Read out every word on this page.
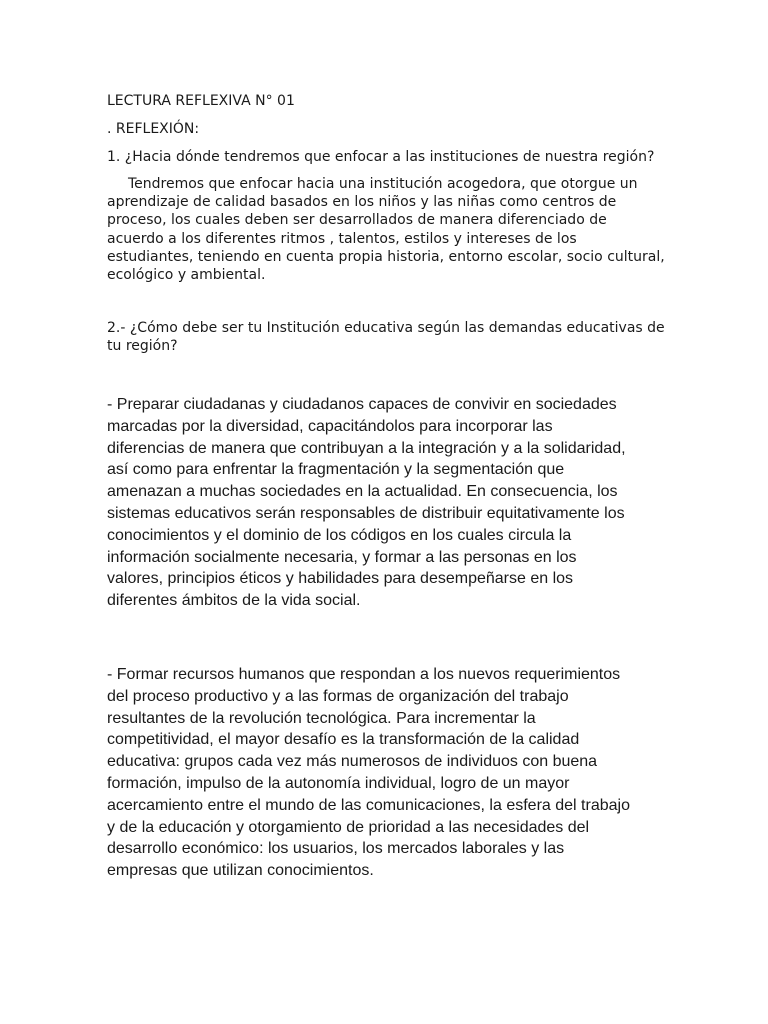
LECTURA REFLEXIVA N° 01
. REFLEXIÓN:
1. ¿Hacia dónde tendremos que enfocar a las instituciones de nuestra región?

Tendremos que enfocar hacia una institución acogedora, que otorgue un
aprendizaje de calidad basados en los niños y las niñas como centros de
proceso, los cuales deben ser desarrollados de manera diferenciado de
acuerdo a los diferentes ritmos , talentos, estilos y intereses de los
estudiantes, teniendo en cuenta propia historia, entorno escolar, socio cultural,
ecológico y ambiental.

2.- ¿Cómo debe ser tu Institución educativa según las demandas educativas de
tu región?

- Preparar ciudadanas y ciudadanos capaces de convivir en sociedades
marcadas por la diversidad, capacitándolos para incorporar las
diferencias de manera que contribuyan a la integración y a la solidaridad,
así como para enfrentar la fragmentación y la segmentación que
amenazan a muchas sociedades en la actualidad. En consecuencia, los
sistemas educativos serán responsables de distribuir equitativamente los
conocimientos y el dominio de los códigos en los cuales circula la
información socialmente necesaria, y formar a las personas en los
valores, principios éticos y habilidades para desempeñarse en los
diferentes ámbitos de la vida social.

- Formar recursos humanos que respondan a los nuevos requerimientos
del proceso productivo y a las formas de organización del trabajo
resultantes de la revolución tecnológica. Para incrementar la
competitividad, el mayor desafío es la transformación de la calidad
educativa: grupos cada vez más numerosos de individuos con buena
formación, impulso de la autonomía individual, logro de un mayor
acercamiento entre el mundo de las comunicaciones, la esfera del trabajo
y de la educación y otorgamiento de prioridad a las necesidades del
desarrollo económico: los usuarios, los mercados laborales y las
empresas que utilizan conocimientos.
